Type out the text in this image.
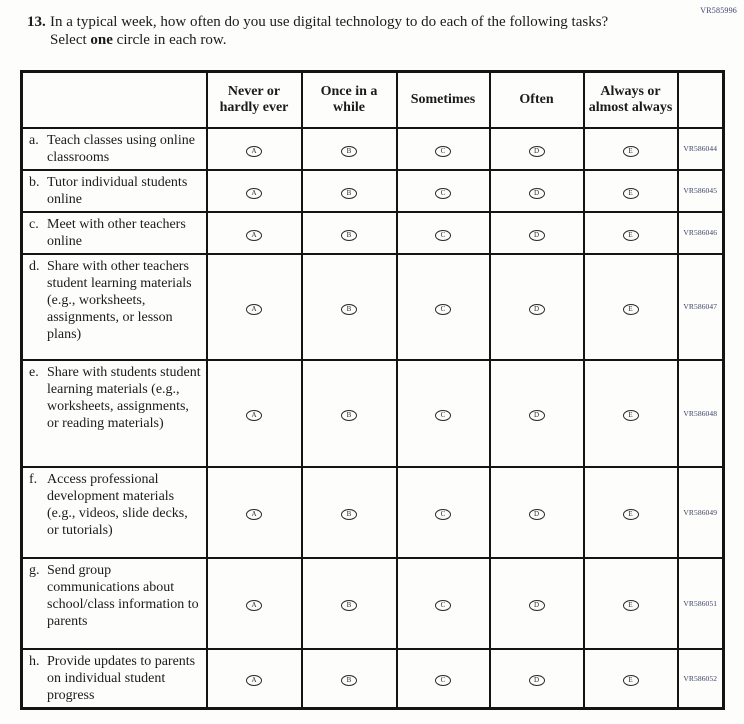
VR585996
13. In a typical week, how often do you use digital technology to do each of the following tasks? Select one circle in each row.

	Never or hardly ever	Once in a while	Sometimes	Often	Always or almost always	

a. Teach classes using online classrooms	A	B	C	D	E	VR586044

b. Tutor individual students online	A	B	C	D	E	VR586045

c. Meet with other teachers online	A	B	C	D	E	VR586046

d. Share with other teachers student learning materials (e.g., worksheets, assignments, or lesson plans)	A	B	C	D	E	VR586047

e. Share with students student learning materials (e.g., worksheets, assignments, or reading materials)	A	B	C	D	E	VR586048

f. Access professional development materials (e.g., videos, slide decks, or tutorials)	A	B	C	D	E	VR586049

g. Send group communications about school/class information to parents	A	B	C	D	E	VR586051

h. Provide updates to parents on individual student progress	A	B	C	D	E	VR586052
